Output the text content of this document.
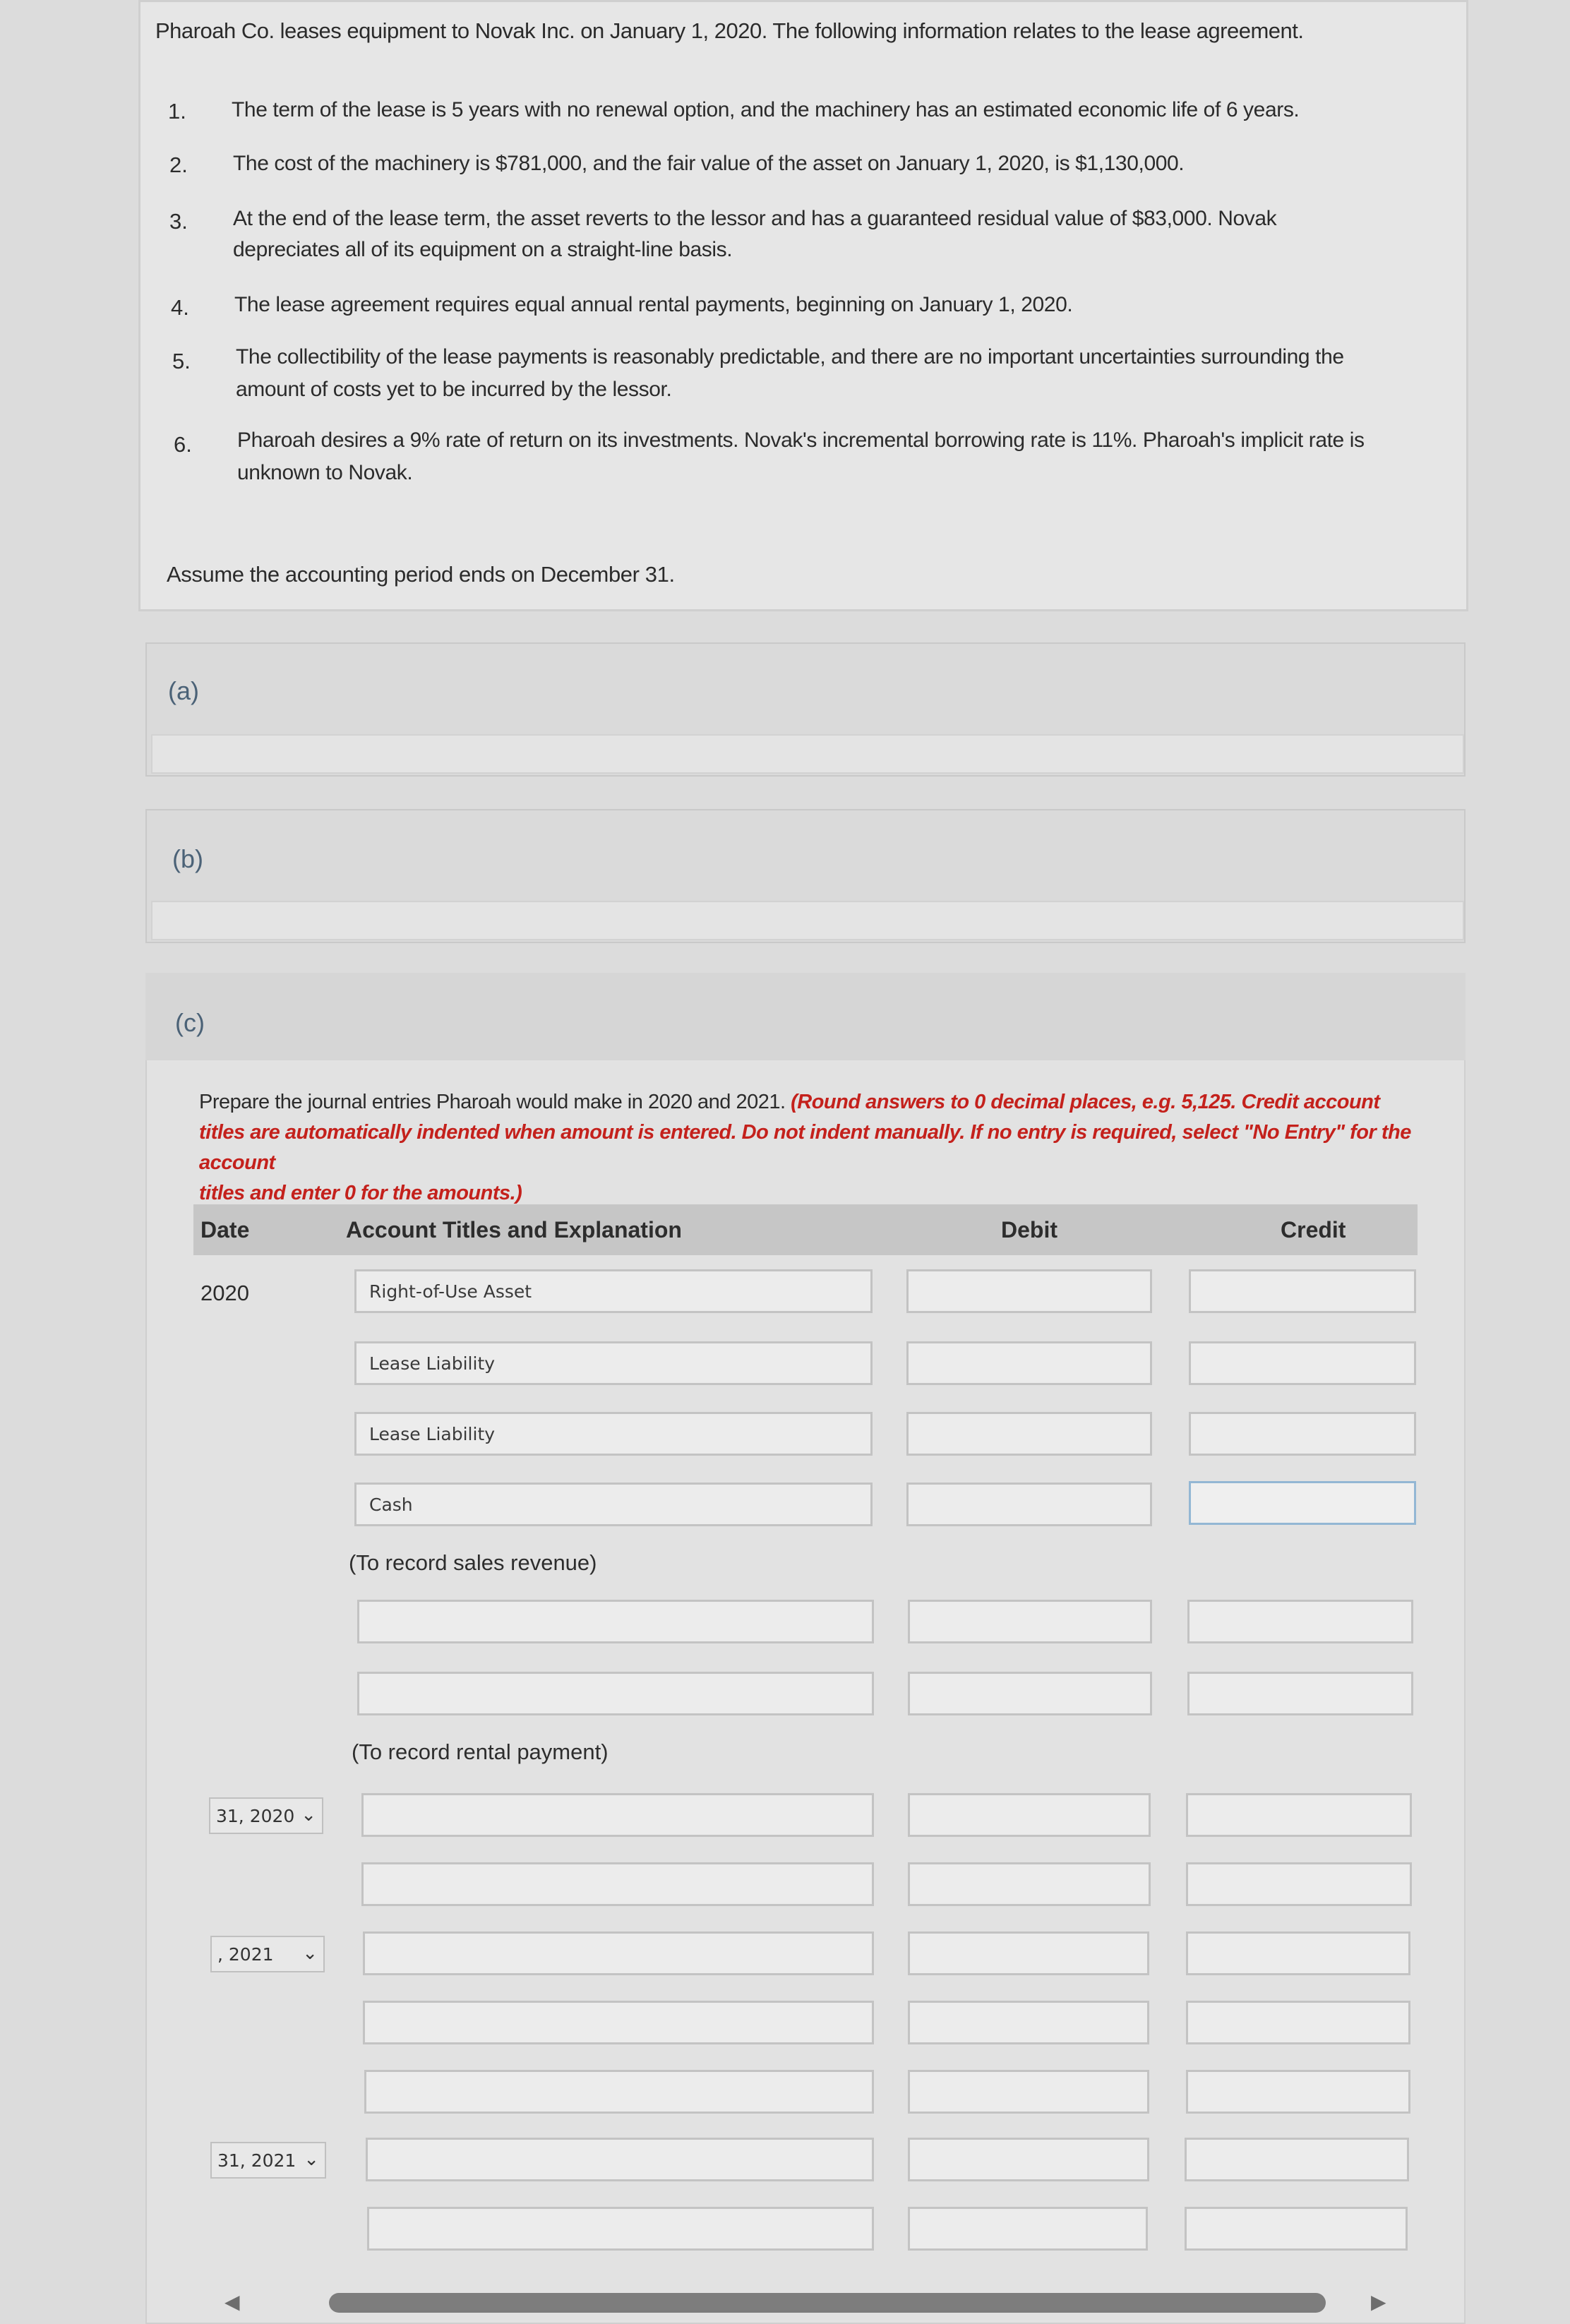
Pharoah Co. leases equipment to Novak Inc. on January 1, 2020. The following information relates to the lease agreement.
1. The term of the lease is 5 years with no renewal option, and the machinery has an estimated economic life of 6 years.
2. The cost of the machinery is $781,000, and the fair value of the asset on January 1, 2020, is $1,130,000.
3. At the end of the lease term, the asset reverts to the lessor and has a guaranteed residual value of $83,000. Novak
depreciates all of its equipment on a straight-line basis.
4. The lease agreement requires equal annual rental payments, beginning on January 1, 2020.
5. The collectibility of the lease payments is reasonably predictable, and there are no important uncertainties surrounding the
amount of costs yet to be incurred by the lessor.
6. Pharoah desires a 9% rate of return on its investments. Novak's incremental borrowing rate is 11%. Pharoah's implicit rate is
unknown to Novak.
Assume the accounting period ends on December 31.
(a)
(b)
(c)
Prepare the journal entries Pharoah would make in 2020 and 2021. (Round answers to 0 decimal places, e.g. 5,125. Credit account
titles are automatically indented when amount is entered. Do not indent manually. If no entry is required, select "No Entry" for the account
titles and enter 0 for the amounts.)
Date	Account Titles and Explanation	Debit	Credit
2020	Right-of-Use Asset
Lease Liability
Lease Liability
Cash
(To record sales revenue)
(To record rental payment)
31, 2020 ⌄
, 2021 ⌄
31, 2021 ⌄
◀	▶
